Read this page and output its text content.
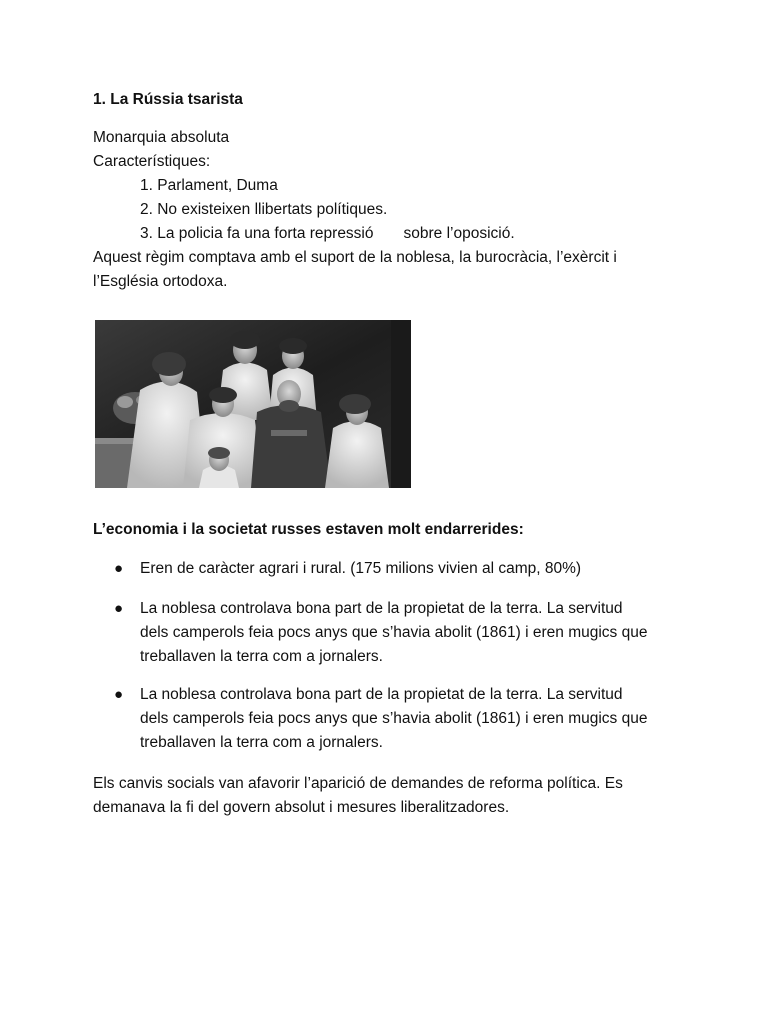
1. La Rússia tsarista
Monarquia absoluta
Característiques:
1. Parlament, Duma
2. No existeixen llibertats polítiques.
3. La policia fa una forta repressió sobre l’oposició.
Aquest règim comptava amb el suport de la noblesa, la burocràcia, l’exèrcit i
l’Església ortodoxa.
L’economia i la societat russes estaven molt endarrerides:
● Eren de caràcter agrari i rural. (175 milions vivien al camp, 80%)
● La noblesa controlava bona part de la propietat de la terra. La servitud
dels camperols feia pocs anys que s’havia abolit (1861) i eren mugics que
treballaven la terra com a jornalers.
● La noblesa controlava bona part de la propietat de la terra. La servitud
dels camperols feia pocs anys que s’havia abolit (1861) i eren mugics que
treballaven la terra com a jornalers.
Els canvis socials van afavorir l’aparició de demandes de reforma política. Es
demanava la fi del govern absolut i mesures liberalitzadores.
